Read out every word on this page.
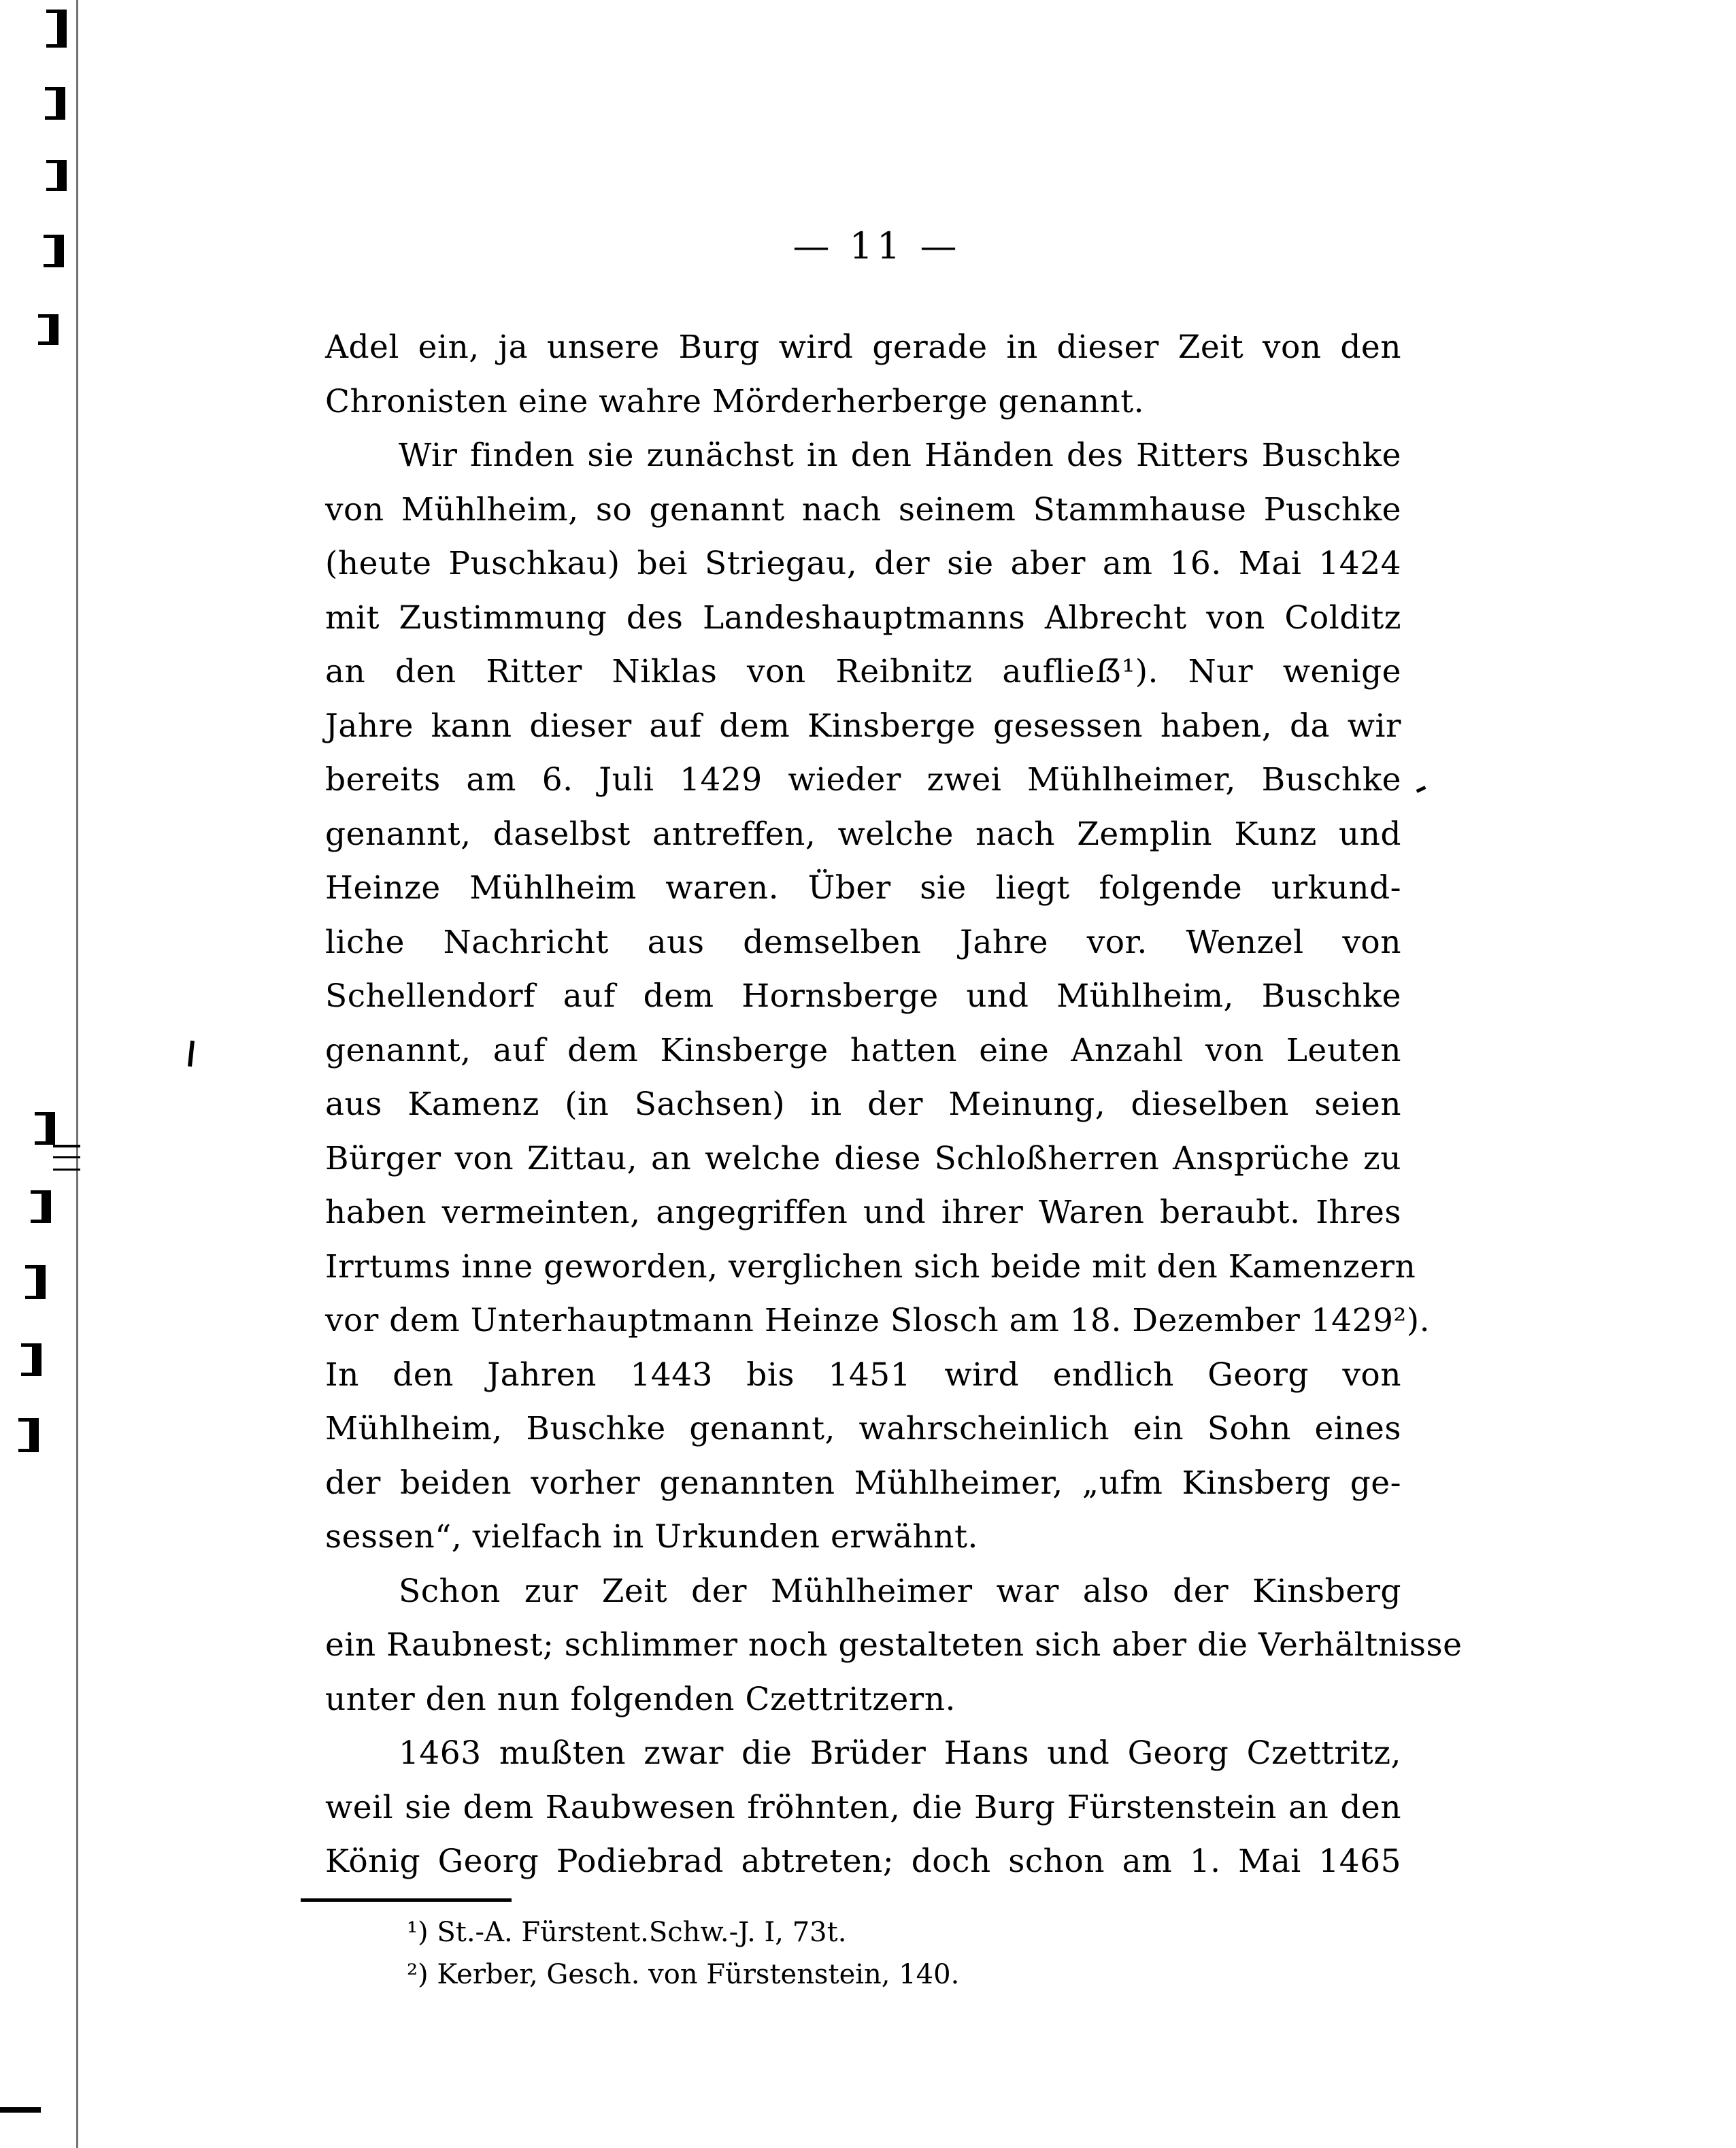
— 11 —
Adel ein, ja unsere Burg wird gerade in dieser Zeit von den
Chronisten eine wahre Mörderherberge genannt.
Wir finden sie zunächst in den Händen des Ritters Buschke
von Mühlheim, so genannt nach seinem Stammhause Puschke
(heute Puschkau) bei Striegau, der sie aber am 16. Mai 1424
mit Zustimmung des Landeshauptmanns Albrecht von Colditz
an den Ritter Niklas von Reibnitz auflieẞ¹). Nur wenige
Jahre kann dieser auf dem Kinsberge gesessen haben, da wir
bereits am 6. Juli 1429 wieder zwei Mühlheimer, Buschke
genannt, daselbst antreffen, welche nach Zemplin Kunz und
Heinze Mühlheim waren. Über sie liegt folgende urkund-
liche Nachricht aus demselben Jahre vor. Wenzel von
Schellendorf auf dem Hornsberge und Mühlheim, Buschke
genannt, auf dem Kinsberge hatten eine Anzahl von Leuten
aus Kamenz (in Sachsen) in der Meinung, dieselben seien
Bürger von Zittau, an welche diese Schloßherren Ansprüche zu
haben vermeinten, angegriffen und ihrer Waren beraubt. Ihres
Irrtums inne geworden, verglichen sich beide mit den Kamenzern
vor dem Unterhauptmann Heinze Slosch am 18. Dezember 1429²).
In den Jahren 1443 bis 1451 wird endlich Georg von
Mühlheim, Buschke genannt, wahrscheinlich ein Sohn eines
der beiden vorher genannten Mühlheimer, „ufm Kinsberg ge-
sessen“, vielfach in Urkunden erwähnt.
Schon zur Zeit der Mühlheimer war also der Kinsberg
ein Raubnest; schlimmer noch gestalteten sich aber die Verhältnisse
unter den nun folgenden Czettritzern.
1463 mußten zwar die Brüder Hans und Georg Czettritz,
weil sie dem Raubwesen fröhnten, die Burg Fürstenstein an den
König Georg Podiebrad abtreten; doch schon am 1. Mai 1465
¹) St.-A. Fürstent.Schw.-J. I, 73t.
²) Kerber, Gesch. von Fürstenstein, 140.
